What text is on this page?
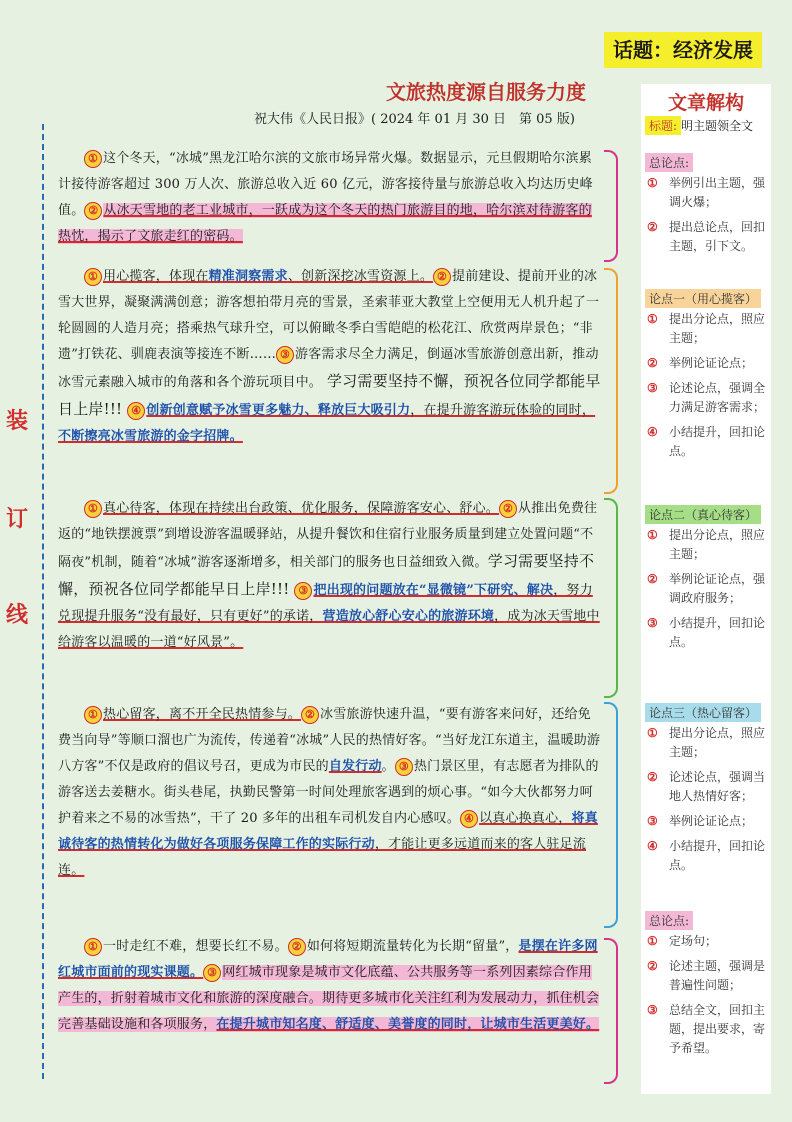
话题：经济发展
文旅热度源自服务力度
祝大伟《人民日报》( 2024 年 01 月 30 日　第 05 版)
装
订
线

① 这个冬天，“冰城”黑龙江哈尔滨的文旅市场异常火爆。数据显示，元旦假期哈尔滨累计接待游客超过 300 万人次、旅游总收入近 60 亿元，游客接待量与旅游总收入均达历史峰值。 ② 从冰天雪地的老工业城市，一跃成为这个冬天的热门旅游目的地，哈尔滨对待游客的热忱，揭示了文旅走红的密码。

① 用心揽客，体现在精准洞察需求、创新深挖冰雪资源上。 ② 提前建设、提前开业的冰雪大世界，凝聚满满创意；游客想拍带月亮的雪景，圣索菲亚大教堂上空便用无人机升起了一轮圆圆的人造月亮；搭乘热气球升空，可以俯瞰冬季白雪皑皑的松花江、欣赏两岸景色；“非遗”打铁花、驯鹿表演等接连不断…… ③ 游客需求尽全力满足，倒逼冰雪旅游创意出新，推动冰雪元素融入城市的角落和各个游玩项目中。 学习需要坚持不懈，预祝各位同学都能早日上岸!!! ④ 创新创意赋予冰雪更多魅力、释放巨大吸引力，在提升游客游玩体验的同时，不断擦亮冰雪旅游的金字招牌。

① 真心待客，体现在持续出台政策、优化服务，保障游客安心、舒心。 ② 从推出免费往返的“地铁摆渡票”到增设游客温暖驿站，从提升餐饮和住宿行业服务质量到建立处置问题“不隔夜”机制，随着“冰城”游客逐渐增多，相关部门的服务也日益细致入微。学习需要坚持不懈，预祝各位同学都能早日上岸!!! ③ 把出现的问题放在“显微镜”下研究、解决，努力兑现提升服务“没有最好，只有更好”的承诺，营造放心舒心安心的旅游环境，成为冰天雪地中给游客以温暖的一道“好风景”。

① 热心留客，离不开全民热情参与。 ② 冰雪旅游快速升温，“要有游客来问好，还给免费当向导”等顺口溜也广为流传，传递着“冰城”人民的热情好客。“当好龙江东道主，温暖助游八方客”不仅是政府的倡议号召，更成为市民的自发行动。 ③ 热门景区里，有志愿者为排队的游客送去姜糖水。街头巷尾，执勤民警第一时间处理旅客遇到的烦心事。“如今大伙都努力呵护着来之不易的冰雪热”，干了 20 多年的出租车司机发自内心感叹。 ④ 以真心换真心，将真诚待客的热情转化为做好各项服务保障工作的实际行动，才能让更多远道而来的客人驻足流连。

① 一时走红不难，想要长红不易。 ② 如何将短期流量转化为长期“留量”，是摆在许多网红城市面前的现实课题。 ③ 网红城市现象是城市文化底蕴、公共服务等一系列因素综合作用产生的，折射着城市文化和旅游的深度融合。期待更多城市化关注红利为发展动力，抓住机会完善基础设施和各项服务，在提升城市知名度、舒适度、美誉度的同时，让城市生活更美好。

文章解构
标题: 明主题领全文
总论点:
① 举例引出主题，强调火爆；
② 提出总论点，回扣主题，引下文。
论点一（用心揽客）
① 提出分论点，照应主题；
② 举例论证论点；
③ 论述论点，强调全力满足游客需求；
④ 小结提升，回扣论点。
论点二（真心待客）
① 提出分论点，照应主题；
② 举例论证论点，强调政府服务；
③ 小结提升，回扣论点。
论点三（热心留客）
① 提出分论点，照应主题；
② 论述论点，强调当地人热情好客；
③ 举例论证论点；
④ 小结提升，回扣论点。
总论点:
① 定场句；
② 论述主题，强调是普遍性问题；
③ 总结全文，回扣主题，提出要求，寄予希望。
